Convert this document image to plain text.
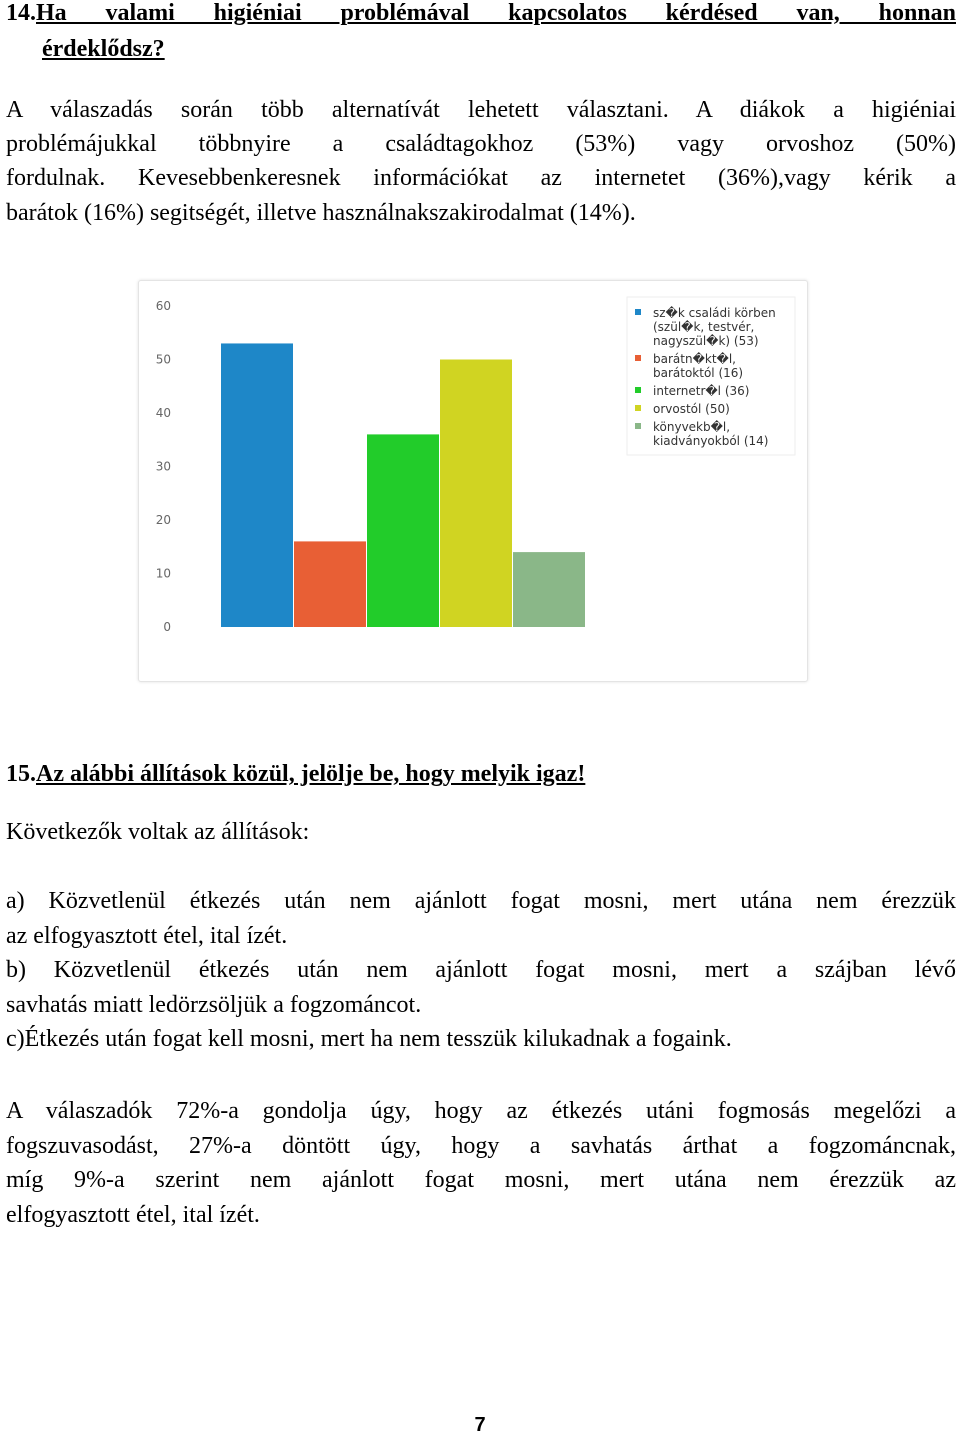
14.Ha valami higiéniai problémával kapcsolatos kérdésed van, honnan
érdeklődsz?
A válaszadás során több alternatívát lehetett választani. A diákok a higiéniai
problémájukkal többnyire a családtagokhoz (53%) vagy orvoshoz (50%)
fordulnak. Kevesebbenkeresnek információkat az internetet (36%),vagy kérik a
barátok (16%) segitségét, illetve használnakszakirodalmat (14%).
60
50
40
30
20
10
0
sz�k családi körben
(szül�k, testvér,
nagyszül�k) (53)
barátn�kt�l,
barátoktól (16)
internetr�l (36)
orvostól (50)
könyvekb�l,
kiadványokból (14)
15.Az alábbi állítások közül, jelölje be, hogy melyik igaz!
Következők voltak az állítások:
a) Közvetlenül étkezés után nem ajánlott fogat mosni, mert utána nem érezzük
az elfogyasztott étel, ital ízét.
b) Közvetlenül étkezés után nem ajánlott fogat mosni, mert a szájban lévő
savhatás miatt ledörzsöljük a fogzománcot.
c)Étkezés után fogat kell mosni, mert ha nem tesszük kilukadnak a fogaink.
A válaszadók 72%-a gondolja úgy, hogy az étkezés utáni fogmosás megelőzi a
fogszuvasodást, 27%-a döntött úgy, hogy a savhatás árthat a fogzománcnak,
míg 9%-a szerint nem ajánlott fogat mosni, mert utána nem érezzük az
elfogyasztott étel, ital ízét.
7
